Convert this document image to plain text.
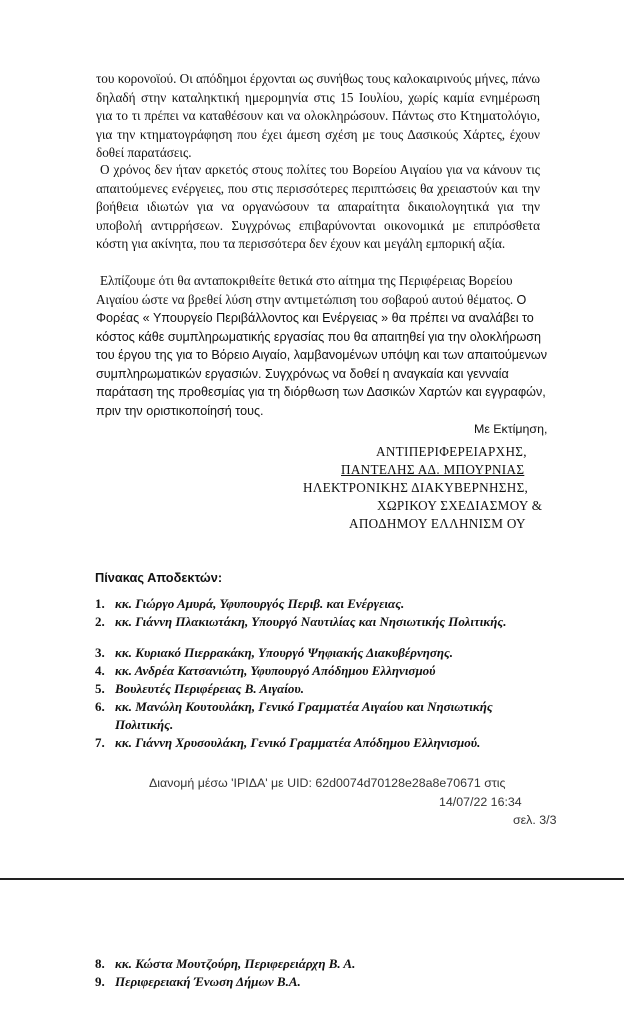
του κορονοϊού. Οι απόδημοι έρχονται ως συνήθως τους καλοκαιρινούς μήνες, πάνω δηλαδή στην καταληκτική ημερομηνία στις 15 Ιουλίου, χωρίς καμία ενημέρωση για το τι πρέπει να καταθέσουν και να ολοκληρώσουν. Πάντως στο Κτηματολόγιο, για την κτηματογράφηση που έχει άμεση σχέση με τους Δασικούς Χάρτες, έχουν δοθεί παρατάσεις.

Ο χρόνος δεν ήταν αρκετός στους πολίτες του Βορείου Αιγαίου για να κάνουν τις απαιτούμενες ενέργειες, που στις περισσότερες περιπτώσεις θα χρειαστούν και την βοήθεια ιδιωτών για να οργανώσουν τα απαραίτητα δικαιολογητικά για την υποβολή αντιρρήσεων. Συγχρόνως επιβαρύνονται οικονομικά με επιπρόσθετα κόστη για ακίνητα, που τα περισσότερα δεν έχουν και μεγάλη εμπορική αξία.

Ελπίζουμε ότι θα ανταποκριθείτε θετικά στο αίτημα της Περιφέρειας Βορείου Αιγαίου ώστε να βρεθεί λύση στην αντιμετώπιση του σοβαρού αυτού θέματος. Ο Φορέας « Υπουργείο Περιβάλλοντος και Ενέργειας » θα πρέπει να αναλάβει το κόστος κάθε συμπληρωματικής εργασίας που θα απαιτηθεί για την ολοκλήρωση του έργου της για το Βόρειο Αιγαίο, λαμβανομένων υπόψη και των απαιτούμενων συμπληρωματικών εργασιών. Συγχρόνως να δοθεί η αναγκαία και γενναία παράταση της προθεσμίας για τη διόρθωση των Δασικών Χαρτών και εγγραφών, πριν την οριστικοποίησή τους.

Με Εκτίμηση,
ΑΝΤΙΠΕΡΙΦΕΡΕΙΑΡΧΗΣ,
ΠΑΝΤΕΛΗΣ ΑΔ. ΜΠΟΥΡΝΙΑΣ
ΗΛΕΚΤΡΟΝΙΚΗΣ ΔΙΑΚΥΒΕΡΝΗΣΗΣ,
ΧΩΡΙΚΟΥ ΣΧΕΔΙΑΣΜΟΥ &
ΑΠΟΔΗΜΟΥ ΕΛΛΗΝΙΣΜ ΟΥ
Πίνακας Αποδεκτών:
1. κκ. Γιώργο Αμυρά, Υφυπουργός Περιβ. και Ενέργειας.
2. κκ. Γιάννη Πλακιωτάκη, Υπουργό Ναυτιλίας και Νησιωτικής Πολιτικής.
3. κκ. Κυριακό Πιερρακάκη, Υπουργό Ψηφιακής Διακυβέρνησης.
4. κκ. Ανδρέα Κατσανιώτη, Υφυπουργό Απόδημου Ελληνισμού
5. Βουλευτές Περιφέρειας Β. Αιγαίου.
6. κκ. Μανώλη Κουτουλάκη, Γενικό Γραμματέα Αιγαίου και Νησιωτικής Πολιτικής.
7. κκ. Γιάννη Χρυσουλάκη, Γενικό Γραμματέα Απόδημου Ελληνισμού.
Διανομή μέσω 'ΙΡΙΔΑ' με UID: 62d0074d70128e28a8e70671 στις
14/07/22 16:34
σελ. 3/3
8. κκ. Κώστα Μουτζούρη, Περιφερειάρχη Β. Α.
9. Περιφερειακή Ένωση Δήμων Β.Α.
